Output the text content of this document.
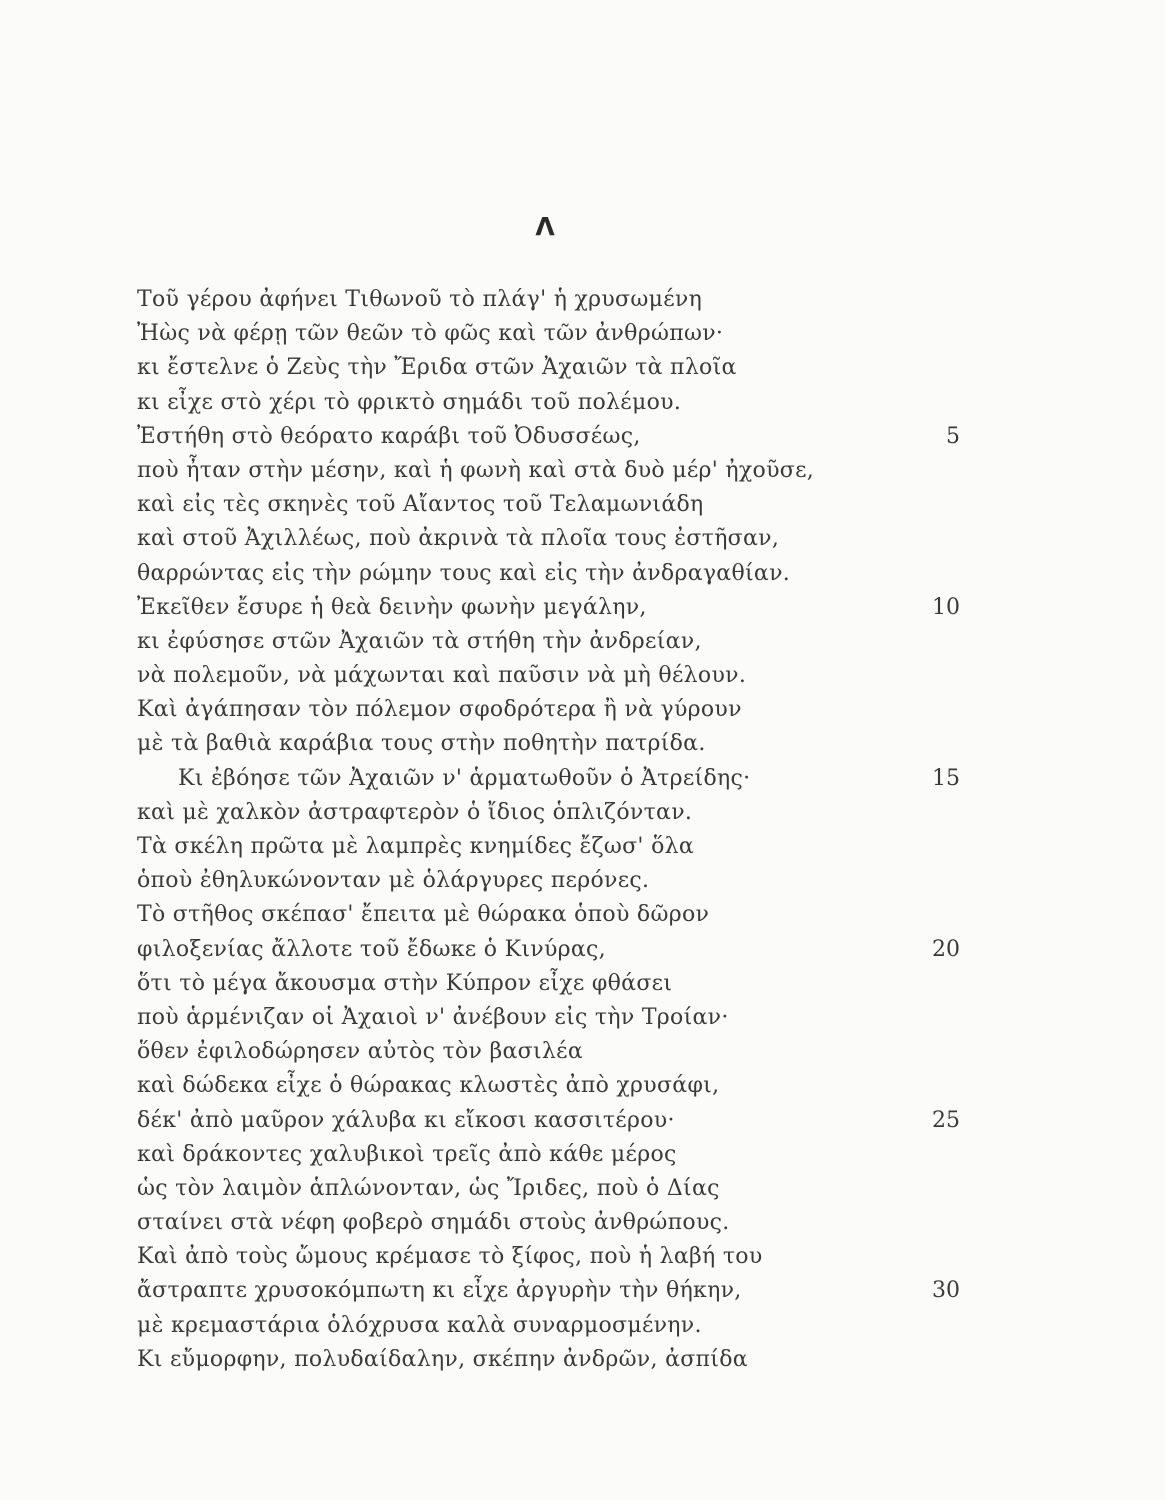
Λ
Τοῦ γέρου ἀφήνει Τιθωνοῦ τὸ πλάγ' ἡ χρυσωμένη
Ἠὼς νὰ φέρῃ τῶν θεῶν τὸ φῶς καὶ τῶν ἀνθρώπων·
κι ἔστελνε ὁ Ζεὺς τὴν Ἔριδα στῶν Ἀχαιῶν τὰ πλοῖα
κι εἶχε στὸ χέρι τὸ φρικτὸ σημάδι τοῦ πολέμου.
Ἐστήθη στὸ θεόρατο καράβι τοῦ Ὀδυσσέως,	5
ποὺ ἦταν στὴν μέσην, καὶ ἡ φωνὴ καὶ στὰ δυὸ μέρ' ἠχοῦσε,
καὶ εἰς τὲς σκηνὲς τοῦ Αἴαντος τοῦ Τελαμωνιάδη
καὶ στοῦ Ἀχιλλέως, ποὺ ἀκρινὰ τὰ πλοῖα τους ἐστῆσαν,
θαρρώντας εἰς τὴν ρώμην τους καὶ εἰς τὴν ἀνδραγαθίαν.
Ἐκεῖθεν ἔσυρε ἡ θεὰ δεινὴν φωνὴν μεγάλην,	10
κι ἐφύσησε στῶν Ἀχαιῶν τὰ στήθη τὴν ἀνδρείαν,
νὰ πολεμοῦν, νὰ μάχωνται καὶ παῦσιν νὰ μὴ θέλουν.
Καὶ ἀγάπησαν τὸν πόλεμον σφοδρότερα ἢ νὰ γύρουν
μὲ τὰ βαθιὰ καράβια τους στὴν ποθητὴν πατρίδα.
Κι ἐβόησε τῶν Ἀχαιῶν ν' ἁρματωθοῦν ὁ Ἀτρείδης·	15
καὶ μὲ χαλκὸν ἀστραφτερὸν ὁ ἴδιος ὁπλιζόνταν.
Τὰ σκέλη πρῶτα μὲ λαμπρὲς κνημίδες ἔζωσ' ὅλα
ὁποὺ ἐθηλυκώνονταν μὲ ὁλάργυρες περόνες.
Τὸ στῆθος σκέπασ' ἔπειτα μὲ θώρακα ὁποὺ δῶρον
φιλοξενίας ἄλλοτε τοῦ ἔδωκε ὁ Κινύρας,	20
ὅτι τὸ μέγα ἄκουσμα στὴν Κύπρον εἶχε φθάσει
ποὺ ἁρμένιζαν οἱ Ἀχαιοὶ ν' ἀνέβουν εἰς τὴν Τροίαν·
ὅθεν ἐφιλοδώρησεν αὐτὸς τὸν βασιλέα
καὶ δώδεκα εἶχε ὁ θώρακας κλωστὲς ἀπὸ χρυσάφι,
δέκ' ἀπὸ μαῦρον χάλυβα κι εἴκοσι κασσιτέρου·	25
καὶ δράκοντες χαλυβικοὶ τρεῖς ἀπὸ κάθε μέρος
ὡς τὸν λαιμὸν ἁπλώνονταν, ὡς Ἴριδες, ποὺ ὁ Δίας
σταίνει στὰ νέφη φοβερὸ σημάδι στοὺς ἀνθρώπους.
Καὶ ἀπὸ τοὺς ὤμους κρέμασε τὸ ξίφος, ποὺ ἡ λαβή του
ἄστραπτε χρυσοκόμπωτη κι εἶχε ἀργυρὴν τὴν θήκην,	30
μὲ κρεμαστάρια ὁλόχρυσα καλὰ συναρμοσμένην.
Κι εὔμορφην, πολυδαίδαλην, σκέπην ἀνδρῶν, ἀσπίδα
